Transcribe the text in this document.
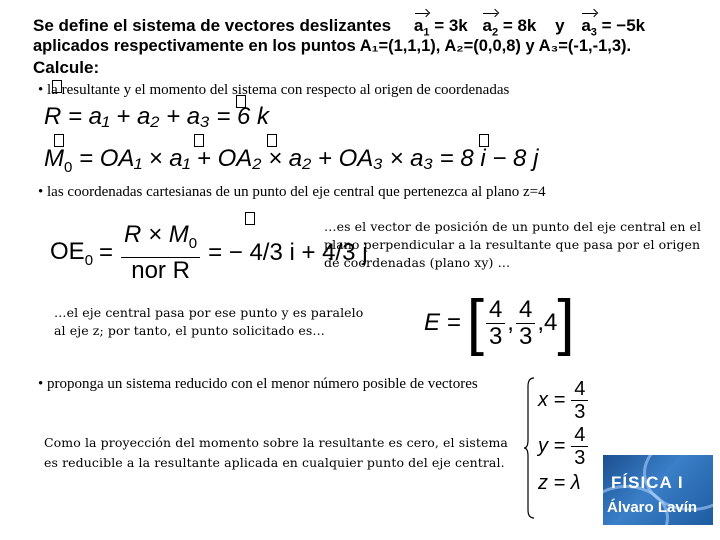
Se define el sistema de vectores deslizantes $a_1 = 3k$ $a_2 = 8k$ y $a_3 = -5k$
aplicados respectivamente en los puntos A₁=(1,1,1), A₂=(0,0,8) y A₃=(-1,-1,3).
Calcule:
• la resultante y el momento del sistema con respecto al origen de coordenadas
R = a₁ + a₂ + a₃ = 6 k
$M_0 = OA_1 \times a_1 + OA_2 \times a_2 + OA_3 \times a_3 = 8$ i − 8 j
• las coordenadas cartesianas de un punto del eje central que pertenezca al plano z=4
$OE_0 = \frac{R \times M_0}{\text{nor R}}$ = − 4/3 i + 4/3 j
…es el vector de posición de un punto del eje central en el plano perpendicular a la resultante que pasa por el origen de coordenadas (plano xy) …
…el eje central pasa por ese punto y es paralelo al eje z; por tanto, el punto solicitado es…	E = [ $\frac{4}{3}$ , $\frac{4}{3}$ , 4 ]
• proponga un sistema reducido con el menor número posible de vectores
Como la proyección del momento sobre la resultante es cero, el sistema es reducible a la resultante aplicada en cualquier punto del eje central.
$x = \frac{4}{3}$
$y = \frac{4}{3}$
z = λ FÍSICA I
Álvaro Lavín
